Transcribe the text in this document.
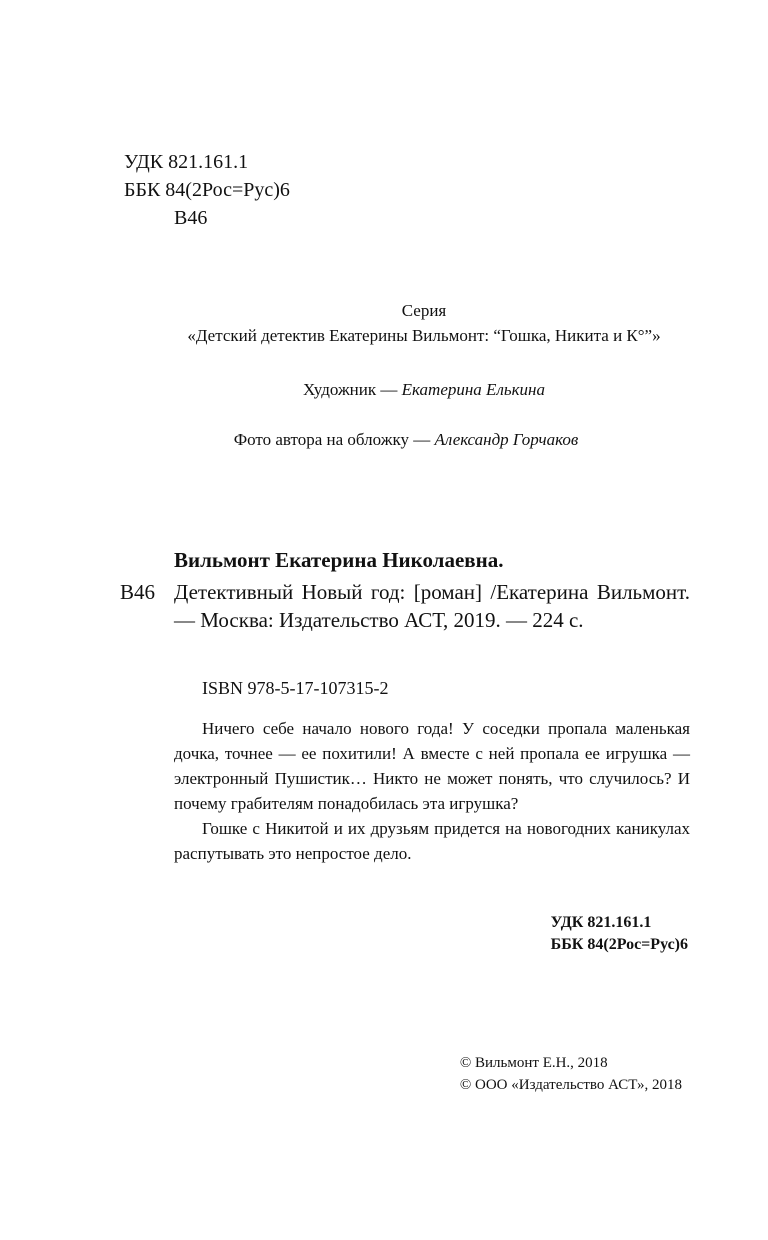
УДК 821.161.1
ББК 84(2Рос=Рус)6
В46
Серия
«Детский детектив Екатерины Вильмонт: “Гошка, Никита и К°”»
Художник — Екатерина Елькина
Фото автора на обложку — Александр Горчаков
Вильмонт Екатерина Николаевна.
В46 Детективный Новый год: [роман] /Екатерина Вильмонт. — Москва: Издательство АСТ, 2019. — 224 с.
ISBN 978-5-17-107315-2

Ничего себе начало нового года! У соседки пропала маленькая дочка, точнее — ее похитили! А вместе с ней пропала ее игрушка — электронный Пушистик… Никто не может понять, что случилось? И почему грабителям понадобилась эта игрушка?

Гошке с Никитой и их друзьям придется на новогодних каникулах распутывать это непростое дело.

УДК 821.161.1
ББК 84(2Рос=Рус)6
© Вильмонт Е.Н., 2018
© ООО «Издательство АСТ», 2018
